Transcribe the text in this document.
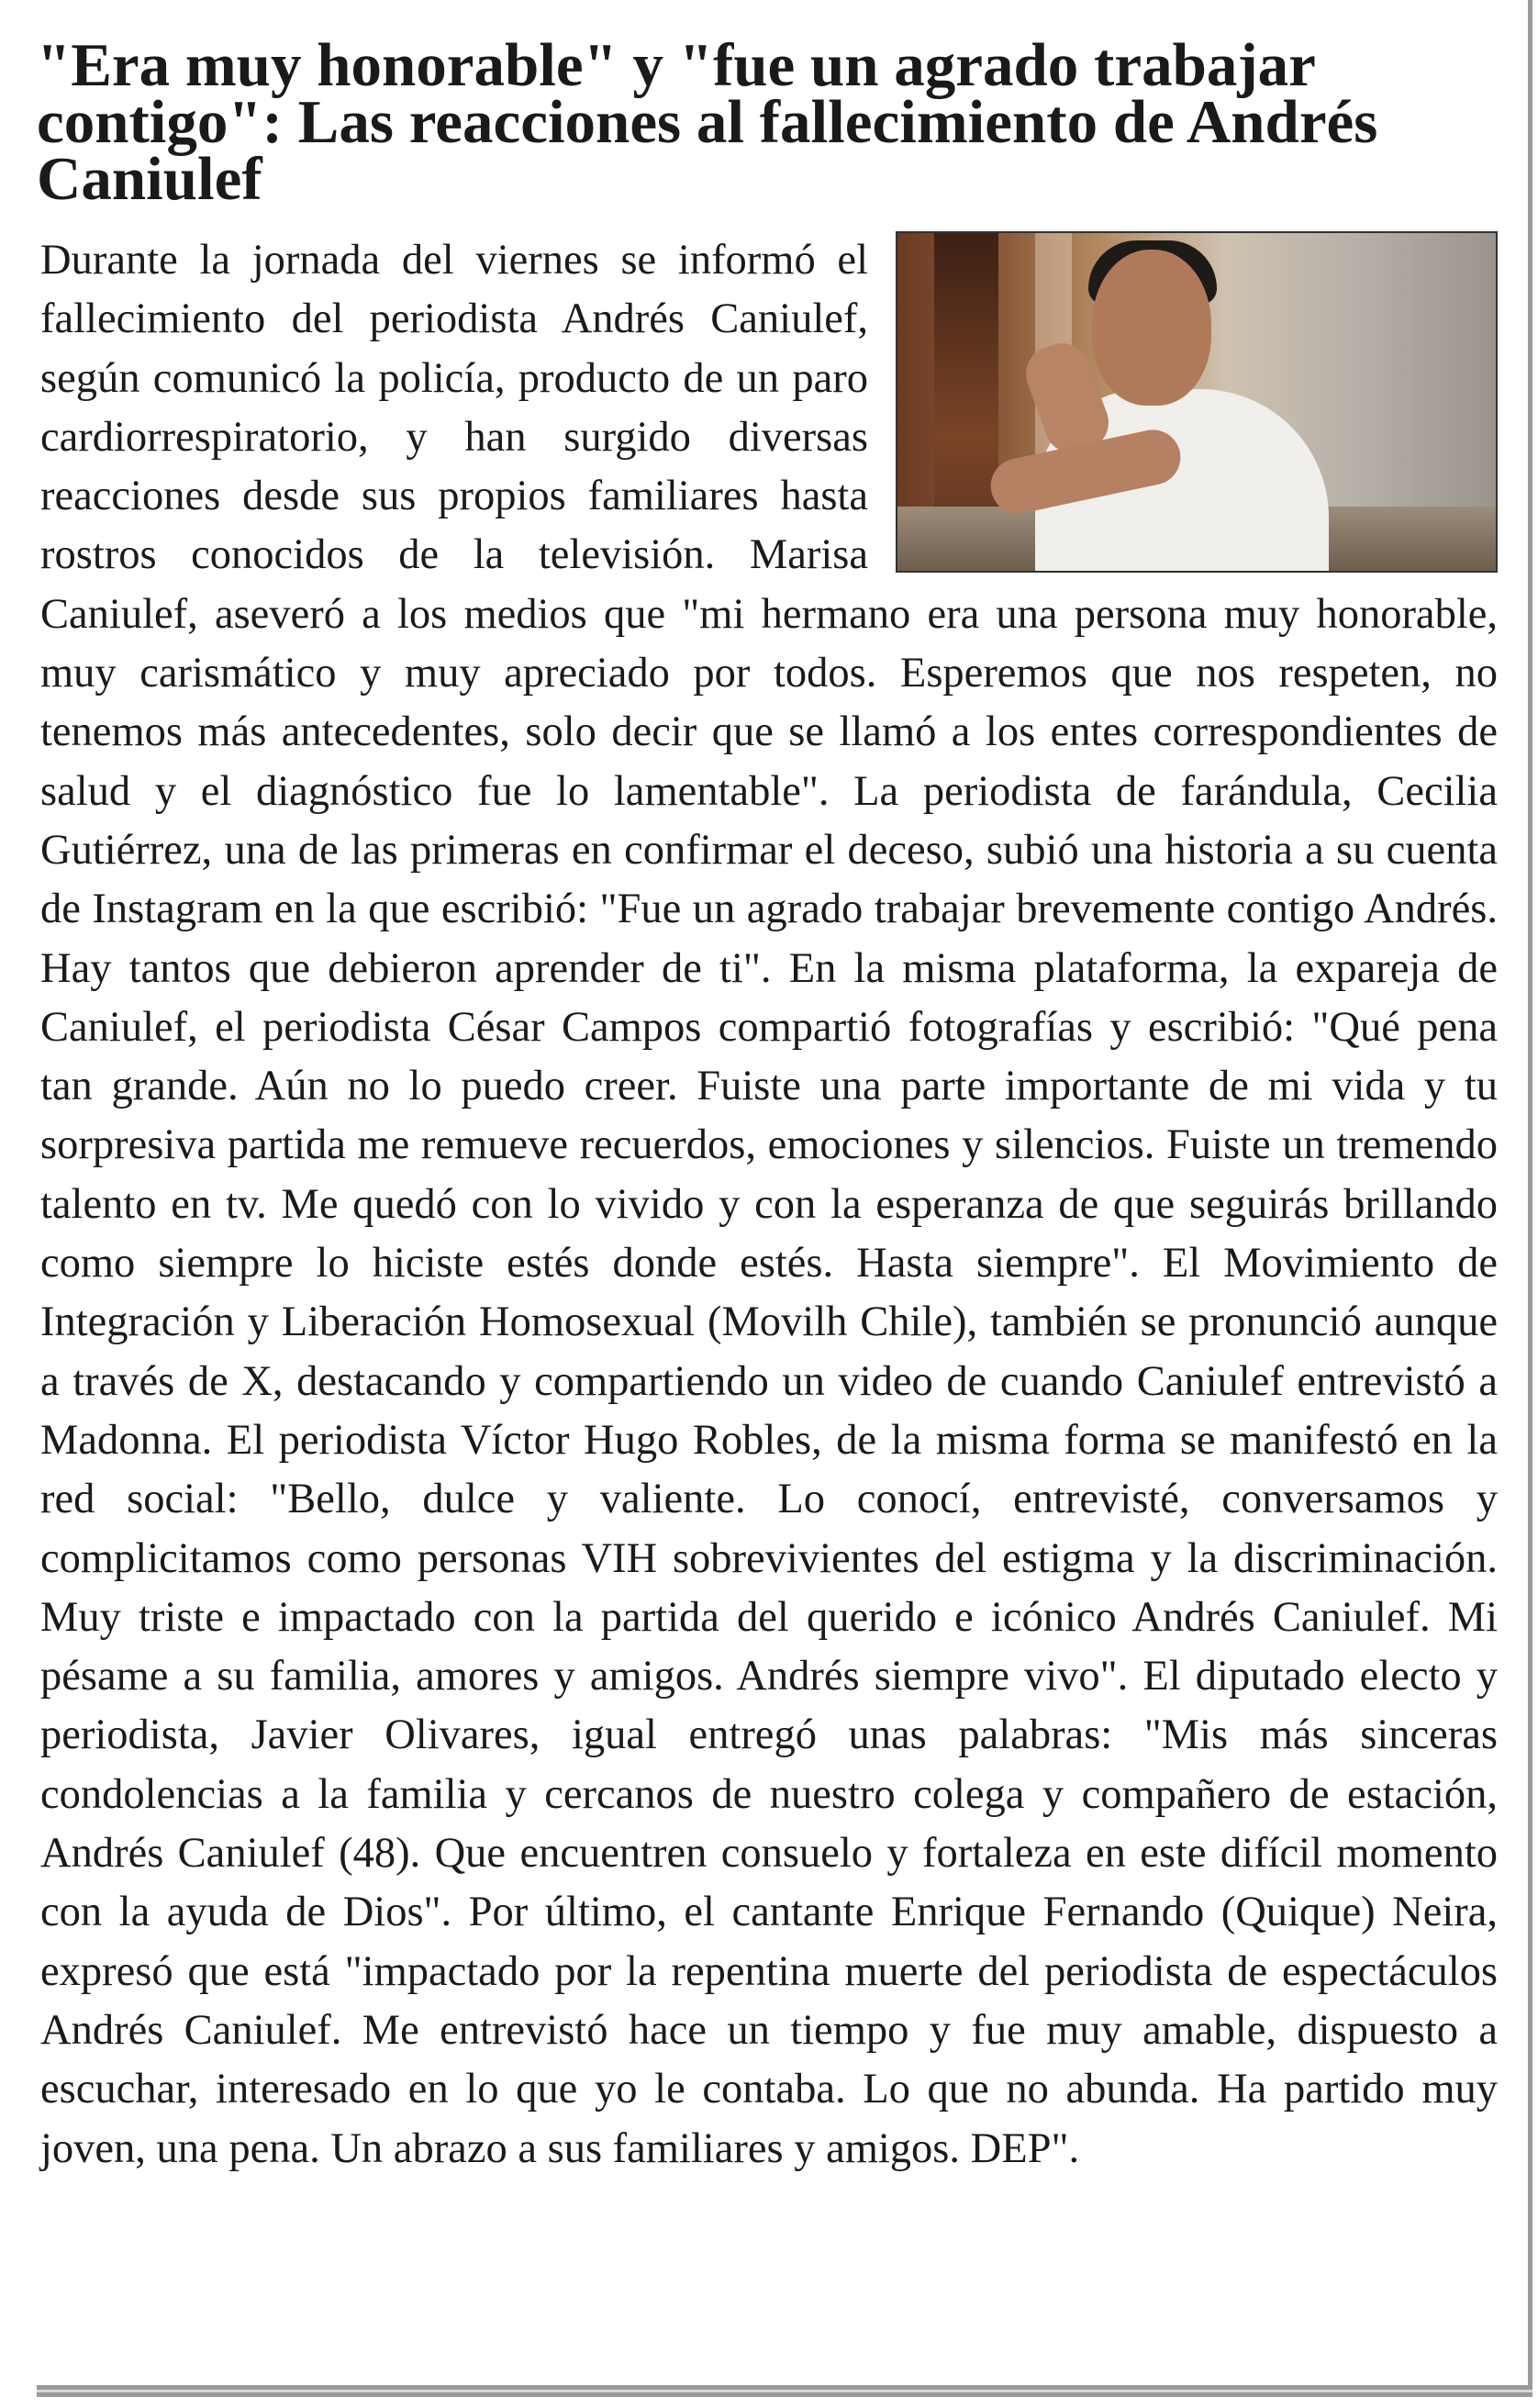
"Era muy honorable" y "fue un agrado trabajar contigo": Las reacciones al fallecimiento de Andrés Caniulef

Durante la jornada del viernes se informó el fallecimiento del periodista Andrés Caniulef, según comunicó la policía, producto de un paro cardiorrespiratorio, y han surgido diversas reacciones desde sus propios familiares hasta rostros conocidos de la televisión. Marisa Caniulef, aseveró a los medios que "mi hermano era una persona muy honorable, muy carismático y muy apreciado por todos. Esperemos que nos respeten, no tenemos más antecedentes, solo decir que se llamó a los entes correspondientes de salud y el diagnóstico fue lo lamentable". La periodista de farándula, Cecilia Gutiérrez, una de las primeras en confirmar el deceso, subió una historia a su cuenta de Instagram en la que escribió: "Fue un agrado trabajar brevemente contigo Andrés. Hay tantos que debieron aprender de ti". En la misma plataforma, la expareja de Caniulef, el periodista César Campos compartió fotografías y escribió: "Qué pena tan grande. Aún no lo puedo creer. Fuiste una parte importante de mi vida y tu sorpresiva partida me remueve recuerdos, emociones y silencios. Fuiste un tremendo talento en tv. Me quedó con lo vivido y con la esperanza de que seguirás brillando como siempre lo hiciste estés donde estés. Hasta siempre". El Movimiento de Integración y Liberación Homosexual (Movilh Chile), también se pronunció aunque a través de X, destacando y compartiendo un video de cuando Caniulef entrevistó a Madonna. El periodista Víctor Hugo Robles, de la misma forma se manifestó en la red social: "Bello, dulce y valiente. Lo conocí, entrevisté, conversamos y complicitamos como personas VIH sobrevivientes del estigma y la discriminación. Muy triste e impactado con la partida del querido e icónico Andrés Caniulef. Mi pésame a su familia, amores y amigos. Andrés siempre vivo". El diputado electo y periodista, Javier Olivares, igual entregó unas palabras: "Mis más sinceras condolencias a la familia y cercanos de nuestro colega y compañero de estación, Andrés Caniulef (48). Que encuentren consuelo y fortaleza en este difícil momento con la ayuda de Dios". Por último, el cantante Enrique Fernando (Quique) Neira, expresó que está "impactado por la repentina muerte del periodista de espectáculos Andrés Caniulef. Me entrevistó hace un tiempo y fue muy amable, dispuesto a escuchar, interesado en lo que yo le contaba. Lo que no abunda. Ha partido muy joven, una pena. Un abrazo a sus familiares y amigos. DEP".
